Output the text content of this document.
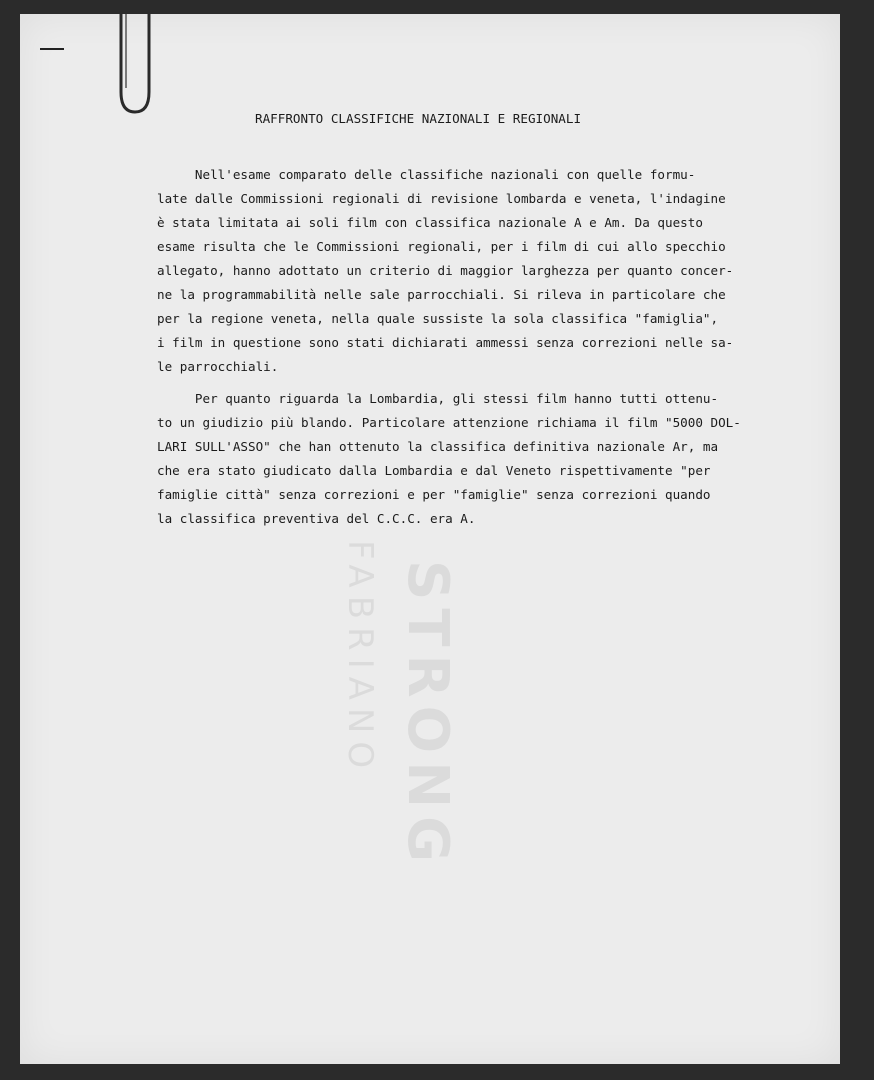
STRONG
FABRIANO
RAFFRONTO CLASSIFICHE NAZIONALI E REGIONALI
Nell'esame comparato delle classifiche nazionali con quelle formu-
late dalle Commissioni regionali di revisione lombarda e veneta, l'indagine
è stata limitata ai soli film con classifica nazionale A e Am. Da questo
esame risulta che le Commissioni regionali, per i film di cui allo specchio
allegato, hanno adottato un criterio di maggior larghezza per quanto concer-
ne la programmabilità nelle sale parrocchiali. Si rileva in particolare che
per la regione veneta, nella quale sussiste la sola classifica "famiglia",
i film in questione sono stati dichiarati ammessi senza correzioni nelle sa-
le parrocchiali.
Per quanto riguarda la Lombardia, gli stessi film hanno tutti ottenu-
to un giudizio più blando. Particolare attenzione richiama il film "5000 DOL-
LARI SULL'ASSO" che han ottenuto la classifica definitiva nazionale Ar, ma
che era stato giudicato dalla Lombardia e dal Veneto rispettivamente "per
famiglie città" senza correzioni e per "famiglie" senza correzioni quando
la classifica preventiva del C.C.C. era A.
